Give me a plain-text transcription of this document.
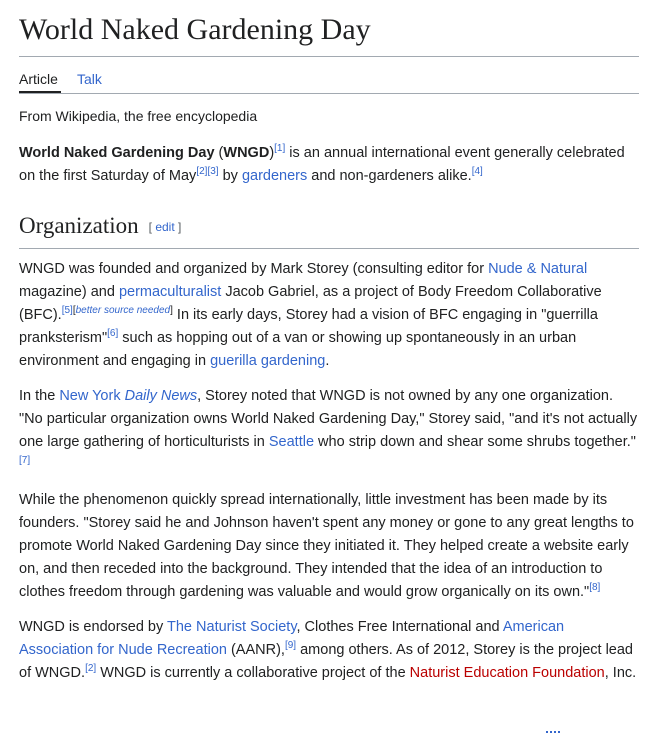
World Naked Gardening Day
Article Talk
From Wikipedia, the free encyclopedia

World Naked Gardening Day (WNGD)[1] is an annual international event generally celebrated on the first Saturday of May[2][3] by gardeners and non-gardeners alike.[4]

Organization [ edit ]

WNGD was founded and organized by Mark Storey (consulting editor for Nude & Natural magazine) and permaculturalist Jacob Gabriel, as a project of Body Freedom Collaborative (BFC).[5][better source needed] In its early days, Storey had a vision of BFC engaging in "guerrilla pranksterism"[6] such as hopping out of a van or showing up spontaneously in an urban environment and engaging in guerilla gardening.

In the New York Daily News, Storey noted that WNGD is not owned by any one organization. "No particular organization owns World Naked Gardening Day," Storey said, "and it's not actually one large gathering of horticulturists in Seattle who strip down and shear some shrubs together."[7]

While the phenomenon quickly spread internationally, little investment has been made by its founders. "Storey said he and Johnson haven't spent any money or gone to any great lengths to promote World Naked Gardening Day since they initiated it. They helped create a website early on, and then receded into the background. They intended that the idea of an introduction to clothes freedom through gardening was valuable and would grow organically on its own."[8]

WNGD is endorsed by The Naturist Society, Clothes Free International and American Association for Nude Recreation (AANR),[9] among others. As of 2012, Storey is the project lead of WNGD.[2] WNGD is currently a collaborative project of the Naturist Education Foundation, Inc.
